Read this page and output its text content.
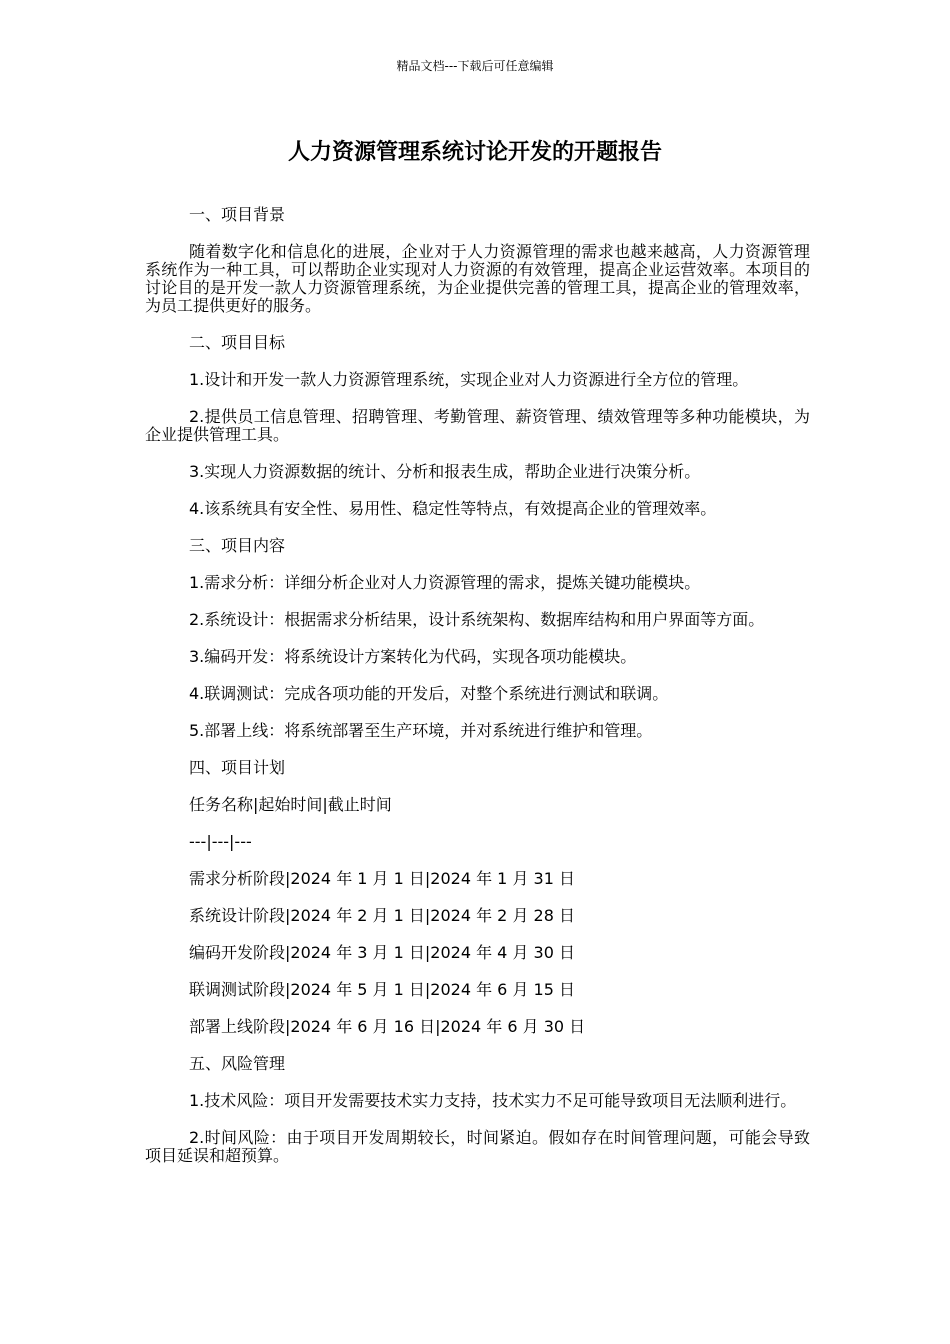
精品文档---下载后可任意编辑
人力资源管理系统讨论开发的开题报告

一、项目背景

随着数字化和信息化的进展，企业对于人力资源管理的需求也越来越高，人力资源管理系统作为一种工具，可以帮助企业实现对人力资源的有效管理，提高企业运营效率。本项目的讨论目的是开发一款人力资源管理系统，为企业提供完善的管理工具，提高企业的管理效率，为员工提供更好的服务。

二、项目目标

1.设计和开发一款人力资源管理系统，实现企业对人力资源进行全方位的管理。

2.提供员工信息管理、招聘管理、考勤管理、薪资管理、绩效管理等多种功能模块，为企业提供管理工具。

3.实现人力资源数据的统计、分析和报表生成，帮助企业进行决策分析。

4.该系统具有安全性、易用性、稳定性等特点，有效提高企业的管理效率。

三、项目内容

1.需求分析：详细分析企业对人力资源管理的需求，提炼关键功能模块。

2.系统设计：根据需求分析结果，设计系统架构、数据库结构和用户界面等方面。

3.编码开发：将系统设计方案转化为代码，实现各项功能模块。

4.联调测试：完成各项功能的开发后，对整个系统进行测试和联调。

5.部署上线：将系统部署至生产环境，并对系统进行维护和管理。

四、项目计划

任务名称|起始时间|截止时间

---|---|---

需求分析阶段|2024 年 1 月 1 日|2024 年 1 月 31 日

系统设计阶段|2024 年 2 月 1 日|2024 年 2 月 28 日

编码开发阶段|2024 年 3 月 1 日|2024 年 4 月 30 日

联调测试阶段|2024 年 5 月 1 日|2024 年 6 月 15 日

部署上线阶段|2024 年 6 月 16 日|2024 年 6 月 30 日

五、风险管理

1.技术风险：项目开发需要技术实力支持，技术实力不足可能导致项目无法顺利进行。

2.时间风险：由于项目开发周期较长，时间紧迫。假如存在时间管理问题，可能会导致项目延误和超预算。
